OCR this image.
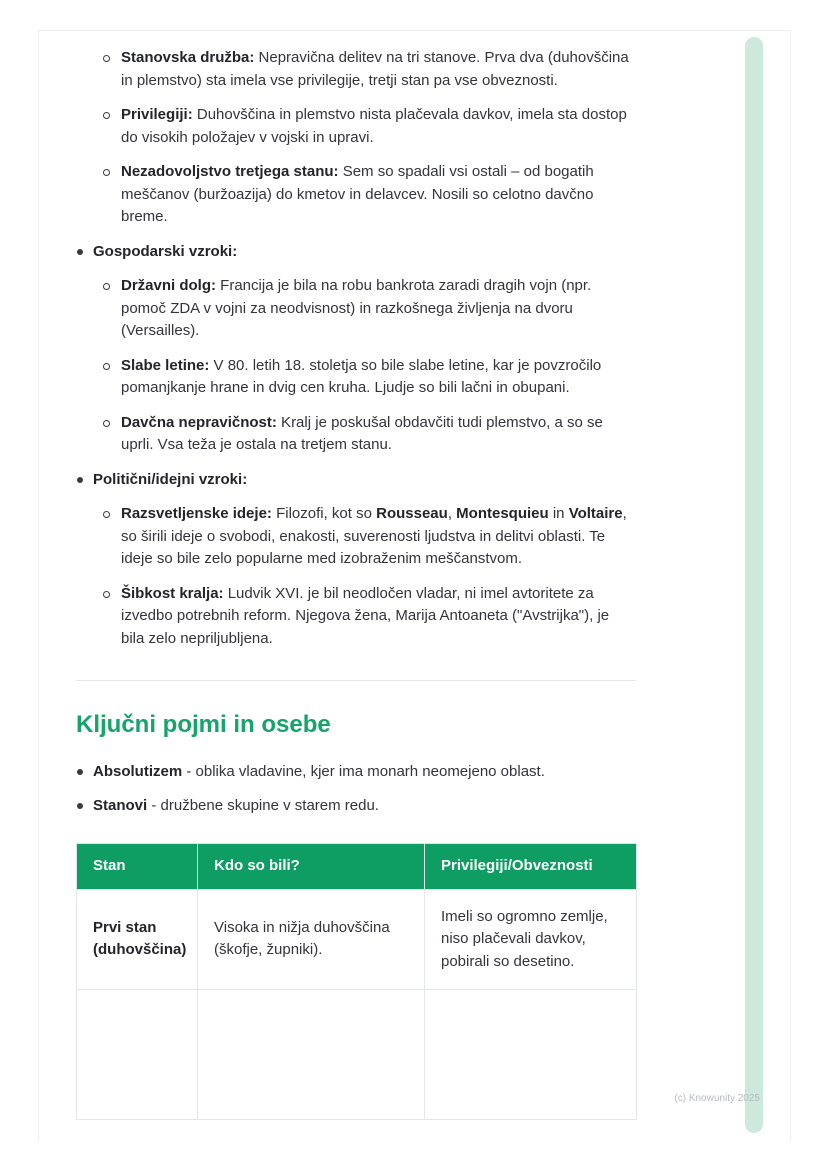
Stanovska družba: Nepravična delitev na tri stanove. Prva dva (duhovščina in plemstvo) sta imela vse privilegije, tretji stan pa vse obveznosti.
Privilegiji: Duhovščina in plemstvo nista plačevala davkov, imela sta dostop do visokih položajev v vojski in upravi.
Nezadovoljstvo tretjega stanu: Sem so spadali vsi ostali – od bogatih meščanov (buržoazija) do kmetov in delavcev. Nosili so celotno davčno breme.
Gospodarski vzroki:
Državni dolg: Francija je bila na robu bankrota zaradi dragih vojn (npr. pomoč ZDA v vojni za neodvisnost) in razkošnega življenja na dvoru (Versailles).
Slabe letine: V 80. letih 18. stoletja so bile slabe letine, kar je povzročilo pomanjkanje hrane in dvig cen kruha. Ljudje so bili lačni in obupani.
Davčna nepravičnost: Kralj je poskušal obdavčiti tudi plemstvo, a so se uprli. Vsa teža je ostala na tretjem stanu.
Politični/idejni vzroki:
Razsvetljenske ideje: Filozofi, kot so Rousseau, Montesquieu in Voltaire, so širili ideje o svobodi, enakosti, suverenosti ljudstva in delitvi oblasti. Te ideje so bile zelo popularne med izobraženim meščanstvom.
Šibkost kralja: Ludvik XVI. je bil neodločen vladar, ni imel avtoritete za izvedbo potrebnih reform. Njegova žena, Marija Antoaneta ("Avstrijka"), je bila zelo nepriljubljena.
Ključni pojmi in osebe
Absolutizem - oblika vladavine, kjer ima monarh neomejeno oblast.
Stanovi - družbene skupine v starem redu.
Stan	Kdo so bili?	Privilegiji/Obveznosti
Prvi stan (duhovščina)	Visoka in nižja duhovščina (škofje, župniki).	Imeli so ogromno zemlje, niso plačevali davkov, pobirali so desetino.

(c) Knowunity 2025
